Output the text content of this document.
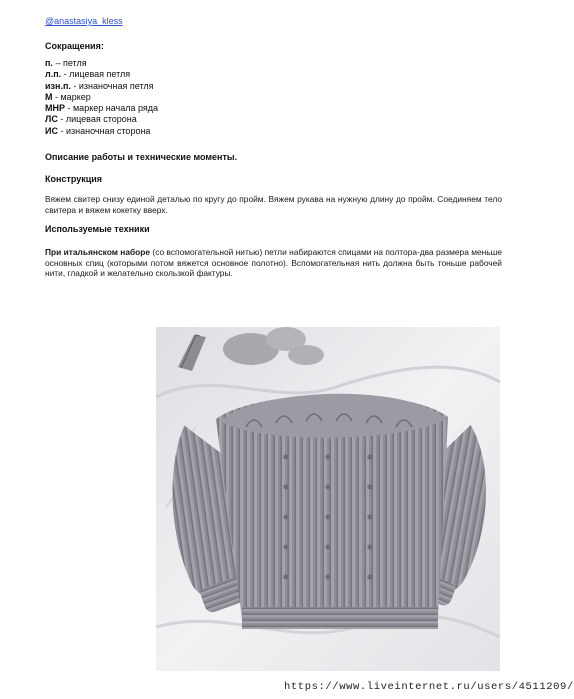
@anastasiya_kless
Сокращения:
п. – петля
л.п. - лицевая петля
изн.п. - изнаночная петля
М - маркер
МНР - маркер начала ряда
ЛС - лицевая сторона
ИС - изнаночная сторона
Описание работы и технические моменты.
Конструкция
Вяжем свитер снизу единой деталью по кругу до пройм. Вяжем рукава на нужную длину до пройм. Соединяем тело свитера и вяжем кокетку вверх.
Используемые техники
При итальянском наборе (со вспомогательной нитью) петли набираются спицами на полтора-два размера меньше основных спиц (которыми потом вяжется основное полотно). Вспомогательная нить должна быть тоньше рабочей нити, гладкой и желательно скользкой фактуры.
https://www.liveinternet.ru/users/4511209/
